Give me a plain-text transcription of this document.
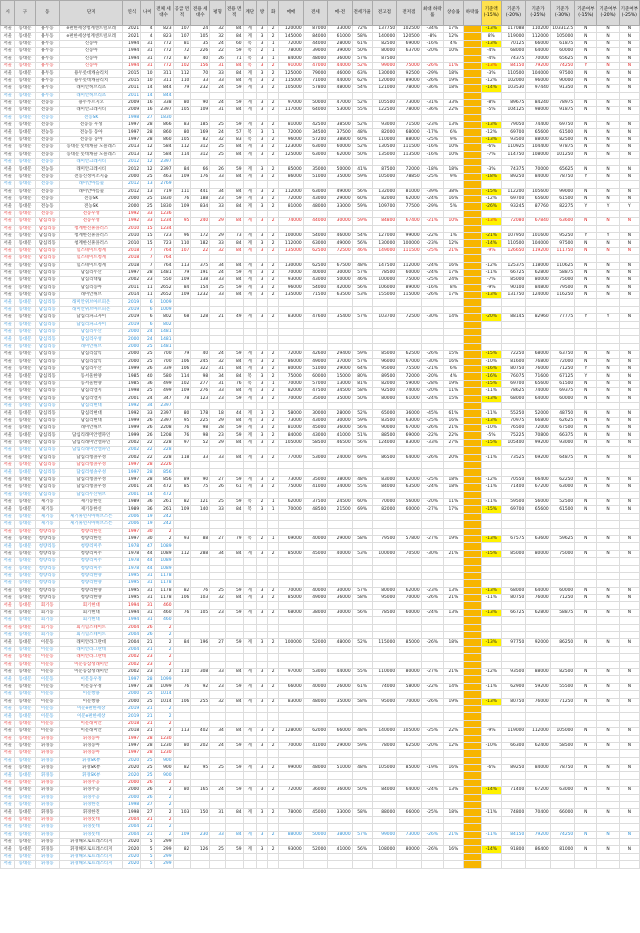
시	구	동	단지	연식	나이	전체 세대수	공급 면적	전용 세대수	평형	전용 면적	계단	방	화	매매	전세	매-전	전세가율	전고점	전저점	최대 하락률	상승률	하락률	기준액 (-15%)	기준가 (-20%)	기준가 (-25%)	기준가 (-30%)	기준여부 (-15%)	기준여부 (-20%)	기준여부 (-25%)
서울	동대문	용두동	e편한세상청계센트럴포레	2021	4	823	107	24	32	84	계	3	2	120000	87000	33000	72%	137750	102500	-34%	17%		-13%	117088	110200	103312.5	N	N	N
서울	동대문	용두동	e편한세상청계센트럴포레	2021	4	823	107	105	32	84	계	3	2	145000	84000	61000	58%	140000	120500	-8%	12%		8%	119000	112000	105000	N	N	N
서울	동대문	용두동	신동아	1994	31	772	81	35	24	60	복	3	1	72000	44000	28000	61%	82500	69000	-16%	4%		-13%	70125	66000	61875	N	N	N
서울	동대문	용두동	신동아	1994	31	772	72	226	22	59	복	2	1	78000	39000	39000	50%	80000	63700	-20%	10%		-4%	68000	64000	60000	N	N	N
서울	동대문	용두동	신동아	1994	31	772	87	40	26	71	복	3	1	84000	48000	36000	57%	87500					-4%	74375	70000	65625	N	N	N
서울	동대문	용두동	신동아	1994	31	772	102	156	31	84	복	3	2	91000	47000	44000	52%	99000	75000	-26%	11%		-13%	84150	79200	74250	Y	N	N
서울	동대문	용두동	용두롯데캐슬리치	2015	10	311	112	70	33	84	계	3	2	125000	79000	46000	63%	130000	92500	-29%	18%		-3%	110500	104000	97500	N	N	N
서울	동대문	용두동	용두롯데캐슬리치	2015	10	311	110	33	33	84	계	3	2	115000	71000	44000	62%	120000	89000	-26%	19%		-12%	102000	96000	90000	N	N	N
서울	동대문	용두동	래미안허브리츠	2011	14	844	79	232	24	59	계	3	2	105000	57800	48000	54%	121000	78000	-36%	18%		-14%	103530	97440	91350	N	N	N
서울	동대문	용두동	래미안허브리츠	2011	14	844																							
서울	동대문	전농동	용두푸르지오	2009	16	338	80	90	24	59	계	3	2	97000	50000	47000	52%	105500	73000	-31%	33%		-8%	89675	84240	78975	N	N	N
서울	동대문	전농동	래미안크레시티	2009	16	2397	105	109	31	84	계	3	2	117000	64000	53000	55%	122500	78000	-36%	22%		-5%	104125	98000	91875	N	N	N
서울	동대문	전농동	전농SK	1998	27	1830																							
서울	동대문	전농동	전농동 우성	1997	28	866	83	185	25	59	계	3	2	81000	42500	38500	52%	93000	71500	-23%	13%		-13%	79050	74400	69750	N	N	N
서울	동대문	전농동	전농동 동아	1997	28	860	80	169	24	57	복	3	1	72000	34500	37500	48%	82000	68000	-17%	6%		-12%	69700	65600	61500	N	N	N
서울	동대문	전농동	전농동 동아	1997	28	860	105	82	32	83	복	3	2	96000	57200	38800	60%	110000	88000	-25%	9%		-13%	93500	88000	82500	N	N	N
서울	동대문	전농동	동대문 롯데캐슬 노블레스	2013	12	584	112	312	25	84	계	3	2	123000	63000	60000	52%	130500	111500	-16%	10%		-6%	110925	104400	97875	N	N	N
서울	동대문	전농동	동대문 롯데캐슬 노블레스	2013	12	584	114	312	25	84	계	3	2	125000	63000	62000	50%	135000	113500	-16%	10%		-7%	114750	108000	101250	N	N	N
서울	동대문	전농동	래미안크레시티	2012	12	2397																							
서울	동대문	전농동	래미안크레시티	2012	12	2397	84	66	26	59	계	3	2	85000	35000	50000	41%	87500	72000	-18%	18%		-3%	74375	70000	65625	N	N	N
서울	동대문	전농동	전농신성미소지움	2000	25	463	109	176	33	84	계	3	2	86000	51000	35000	59%	105000	78850	-25%	9%		-18%	89250	84000	78750	Y	N	N
서울	동대문	전농동	래미안아름숲	2012	13	2769																							
서울	동대문	전농동	래미안아름숲	2012	13	719	111	441	34	84	계	3	2	112000	63000	49000	56%	132000	81000	-39%	38%		-15%	112200	105600	99000	N	N	N
서울	동대문	전농동	전농SK	2000	25	1830	76	188	23	59	계	3	2	72000	43000	29000	60%	82000	62000	-24%	16%		-12%	69700	65600	61500	N	N	N
서울	동대문	전농동	전농SK	2000	25	1830	109	834	33	84	계	3	2	81000	48000	33000	59%	109700	77500	-29%	5%		-26%	93245	87760	82275	Y	Y	Y
서울	동대문	전농동	전농우성	1992	33	1236																							
서울	동대문	답십리동	전농우성	1992	33	1234	95	240	29	84	계	3	2	74000	44000	30000	59%	84800	67400	-21%	10%		-13%	72080	67840	63600	N	N	N
서울	동대문	답십리동	청계한신휴플러스	2010	15	1234																							
서울	동대문	답십리동	청계한신휴플러스	2010	15	723	96	172	29	73	계	3	2	100000	54000	46000	54%	127000	99000	-22%	1%		-21%	107950	101600	95250	Y	Y	N
서울	동대문	답십리동	청계한신휴플러스	2010	15	723	110	182	33	84	계	3	2	112000	63000	49000	56%	130000	100000	-23%	12%		-14%	110500	104000	97500	N	N	N
서울	동대문	답십리동	힐스테이트청계	2018	7	764	107	22	32	84	계	3	2	135000	62500	72500	46%	149000	111500	-25%	21%		-9%	126650	119200	111750	N	N	N
서울	동대문	답십리동	힐스테이트청계	2018	7	764																							
서울	동대문	답십리동	힐스테이트청계	2018	7	764	113	375	34	84	계	3	2	130000	62500	67500	48%	147500	112000	-24%	16%		-12%	125375	118000	110625	N	N	N
서울	동대문	답십리동	답십리두산	1997	28	1481	79	191	24	59	계	3	2	70000	40000	30000	57%	78500	60000	-24%	17%		-11%	66725	62800	58875	N	N	N
서울	동대문	답십리동	답십리대림	2002	23	550	109	138	33	84	계	3	2	93000	43000	50000	46%	100000	75000	-25%	24%		-7%	85000	80000	75000	N	N	N
서울	동대문	답십리동	답십리동아	2011	11	2652	84	154	25	59	계	3	2	96000	54000	42000	56%	106000	89000	-16%	8%		-9%	90100	84800	79500	N	N	N
서울	동대문	답십리동	래미안위브	2014	11	2652	109	1232	33	84	계	3	2	135000	71500	63500	53%	155000	115000	-26%	17%		-13%	131750	124000	116250	N	N	N
서울	동대문	답십리동	래미안위브아르피온	2019	6	1009																							
서울	동대문	답십리동	래미안위브아르피온	2019	6	1009																							
서울	동대문	답십리동	답십리파크자이	2019	6	802	68	128	21	49	계	3	2	83000	47600	35400	57%	103700	72500	-30%	14%		-20%	88145	82960	77775	Y	Y	N
서울	동대문	답십리동	답십리파크자이	2019	6	802																							
서울	동대문	답십리동	답십리두산	2000	24	1481																							
서울	동대문	답십리동	답십리우성	2000	24	1481																							
서울	동대문	답십리동	래미안위브	2000	25	1481																							
서울	동대문	답십리동	답십리삼익	2000	25	700	79	40	24	59	계	3	2	72000	42600	29400	59%	85000	62500	-26%	15%		-15%	72250	68000	63750	N	N	N
서울	동대문	답십리동	답십리삼익	2000	25	700	106	245	32	84	계	3	2	86000	49000	37000	57%	96000	67000	-30%	16%		-10%	81600	76800	72000	N	N	N
서울	동대문	답십리동	답십리두산	1999	26	339	106	322	31	84	계	3	2	80000	51000	29000	64%	95000	75500	-21%	6%		-16%	80750	76000	71250	Y	N	N
서울	동대문	답십리동	동서울한양	1985	40	580	114	98	34	84	복	3	2	75000	60000	15000	80%	89500	72000	-20%	4%		-16%	76075	71600	67125	Y	N	N
서울	동대문	답십리동	동서울한양	1985	36	499	102	277	31	76	복	3	1	70000	57000	13000	81%	82000	59000	-28%	19%		-15%	69700	65600	61500	N	N	N
서울	동대문	답십리동	답십리엘지	1998	25	499	109	276	33	84	계	3	2	82000	47500	34500	58%	92500	74000	-20%	11%		-11%	78625	74000	69375	N	N	N
서울	동대문	답십리동	답십리엘지	2001	24	347	78	123	23	59	계	3	2	70000	35000	35000	50%	80000	61000	-24%	15%		-13%	68000	64000	60000	N	N	N
서울	동대문	답십리동	답십리현대	1992	34	2397																							
서울	동대문	답십리동	답십리현대	1992	33	2397	80	178	18	44	계	3	2	58000	30000	28000	52%	65000	36000	-45%	61%		-11%	55250	52000	48750	N	N	N
서울	동대문	답십리동	답십리현대	1999	26	2397	95	225	29	84	계	3	2	73000	43000	30000	59%	83500	63000	-25%	16%		-13%	70975	66800	62625	N	N	N
서울	동대문	답십리동	래미안위브	1999	26	2208	76	98	28	59	계	3	2	81000	45000	36000	56%	90000	67000	-26%	21%		-10%	76500	72000	67500	N	N	N
서울	동대문	답십리동	답십리래미안엘파인	1999	26	1208	76	98	23	59	계	3	2	84000	43000	41000	51%	88500	69000	-22%	22%		-5%	75225	70800	66375	N	N	N
서울	동대문	답십리동	답십리래미안엘파인	2002	22	228	97	52	29	84	계	3	2	105000	58500	46500	56%	124000	83000	-33%	27%		-15%	105400	99200	93000	N	N	N
서울	동대문	답십리동	답십리래미안엘파인	2002	22	228																							
서울	동대문	답십리동	답십리청솔우성	2002	22	228	118	33	33	84	계	3	2	77000	53000	24000	69%	86500	64000	-26%	20%		-11%	73525	69200	64875	N	N	N
서울	동대문	답십리동	답십리청솔우성	1997	28	2226																							
서울	동대문	답십리동	답십리청솔우성	1997	28	856																							
서울	동대문	답십리동	답십리청솔우성	1997	28	856	89	90	27	59	계	3	2	73000	35000	38000	48%	83000	62000	-25%	18%		-12%	70550	66400	62250	N	N	N
서울	동대문	답십리동	답십리청솔우성	2001	24	472	85	75	26	61	계	3	2	75000	41000	34000	55%	84000	63500	-24%	18%		-11%	71400	67200	63000	N	N	N
서울	동대문	답십리동	답십리두산위브	2001	14	472																							
서울	동대문	제기동	제기동한신	1989	36	261	82	121	25	59	복	2	1	62000	37500	24500	60%	70000	56000	-20%	11%		-11%	59500	56000	52500	N	N	N
서울	동대문	제기동	제기동한신	1989	36	261	109	140	33	84	복	3	1	70000	48500	21500	69%	82000	60000	-27%	17%		-15%	69700	65600	61500	N	N	N
서울	동대문	제기동	제기휴먼시아허브스튼	2006	19	242																							
서울	동대문	제기동	제기휴먼시아허브스튼	2006	19	242																							
서울	동대문	청량리동	청량리한신	1997	30	2																							
서울	동대문	청량리동	청량리한신	1997	30	2	93	88	27	79	복	2	1	69000	40000	29000	58%	79500	57800	-27%	19%		-13%	67575	63600	59625	N	N	N
서울	동대문	청량리동	청량리미주	1978	47	1089																							
서울	동대문	청량리동	청량리미주	1978	44	1089	112	288	34	84	계	3	2	85000	45000	40000	53%	100000	70500	-30%	21%		-15%	85000	80000	75000	N	N	N
서울	동대문	청량리동	청량리미주	1978	44	1089																							
서울	동대문	청량리동	청량리미주	1978	44	1089																							
서울	동대문	청량리동	청량리한양	1995	31	1178																							
서울	동대문	청량리동	청량리한양	1995	31	1178																							
서울	동대문	청량리동	청량리한양	1995	31	1178	82	76	25	59	계	3	2	70000	40000	30000	57%	80000	62000	-23%	13%		-13%	68000	64000	60000	N	N	N
서울	동대문	청량리동	청량리한양	1995	31	1178	106	103	32	84	계	3	2	85000	49000	36000	58%	95000	70000	-26%	21%		-11%	80750	76000	71250	N	N	N
서울	동대문	회기동	회기현대	1994	31	460																							
서울	동대문	회기동	회기현대	1994	31	460	76	105	23	59	계	3	2	68000	38000	30000	56%	78500	60000	-24%	13%		-13%	66725	62800	58875	N	N	N
서울	동대문	회기동	회기현대	1994	31	460																							
서울	동대문	회기동	회기힐스테이트	2004	26	2																							
서울	동대문	회기동	회기힐스테이트	2004	26	2																							
서울	동대문	이문동	래미안라그란데	2004	21	2	84	196	27	59	계	3	2	100000	52000	48000	52%	115000	85000	-26%	18%		-13%	97750	92000	86250	N	N	N
서울	동대문	이문동	래미안라그란데	2004	21	2																							
서울	동대문	이문동	래미안라그란데	2002	23	2																							
서울	동대문	이문동	이문동삼성래미안	2002	23	2																							
서울	동대문	이문동	이문동삼성래미안	2002	23	2	110	308	33	84	계	3	2	97000	53000	44000	55%	110000	80000	-27%	21%		-12%	93500	88000	82500	N	N	N
서울	동대문	이문동	이문동우정	1997	28	1099																							
서울	동대문	이문동	이문동우정	1997	28	1099	76	92	23	59	계	3	2	66000	40000	26000	61%	74000	58000	-22%	14%		-11%	62900	59200	55500	N	N	N
서울	동대문	이문동	이문쌍용	2000	25	1014																							
서울	동대문	이문동	이문쌍용	2000	25	1014	106	255	32	84	계	3	2	83000	48000	35000	58%	95000	70000	-26%	19%		-13%	80750	76000	71250	N	N	N
서울	동대문	이문동	이문e편한세상	2019	21	2																							
서울	동대문	이문동	이문e편한세상	2019	21	2																							
서울	동대문	이문동	이문래미안	2018	21	2																							
서울	동대문	이문동	이문래미안	2018	21	2	113	402	34	84	계	3	2	128000	62000	66000	48%	140000	105000	-25%	22%		-9%	119000	112000	105000	N	N	N
서울	동대문	휘경동	휘경동아	1997	28	1230																							
서울	동대문	휘경동	휘경동아	1997	28	1230	80	202	24	59	계	3	2	70000	41000	29000	59%	78000	62500	-20%	12%		-10%	66300	62400	58500	N	N	N
서울	동대문	휘경동	휘경동아	1997	28	1230																							
서울	동대문	휘경동	휘경SK뷰	2020	25	900																							
서울	동대문	휘경동	휘경SK뷰	2020	25	900	82	95	25	59	계	3	2	99000	48000	51000	48%	105000	85000	-19%	16%		-6%	89250	84000	78750	N	N	N
서울	동대문	휘경동	휘경SK뷰	2020	25	900																							
서울	동대문	휘경동	휘경주공	2000	26	2																							
서울	동대문	휘경동	휘경주공	2000	26	2	80	165	24	59	계	3	2	72000	36000	36000	50%	84000	64000	-24%	13%		-14%	71400	67200	63000	N	N	N
서울	동대문	휘경동	휘경주공	2000	26	2																							
서울	동대문	휘경동	휘경한진	1998	27	2																							
서울	동대문	휘경동	휘경한진	1998	27	2	103	150	31	84	계	3	2	78000	45000	33000	58%	88000	66000	-25%	18%		-11%	74800	70400	66000	N	N	N
서울	동대문	휘경동	휘경롯데	2004	21	2																							
서울	동대문	휘경동	휘경롯데	2004	21	2																							
서울	동대문	휘경동	휘경롯데	2004	21	2	109	230	33	84	계	3	2	88000	50000	38000	57%	99000	73000	-26%	21%		-11%	84150	79200	74250	N	N	N
서울	동대문	휘경동	휘경해모로프레스티지	2020	5	299																							
서울	동대문	휘경동	휘경해모로프레스티지	2020	5	299	82	126	25	59	계	3	2	93000	52000	41000	56%	108000	80000	-26%	16%		-14%	91800	86400	81000	N	N	N
서울	동대문	휘경동	휘경해모로프레스티지	2020	5	299																							
서울	동대문	휘경동	휘경해모로프레스티지	2020	5	299																							
